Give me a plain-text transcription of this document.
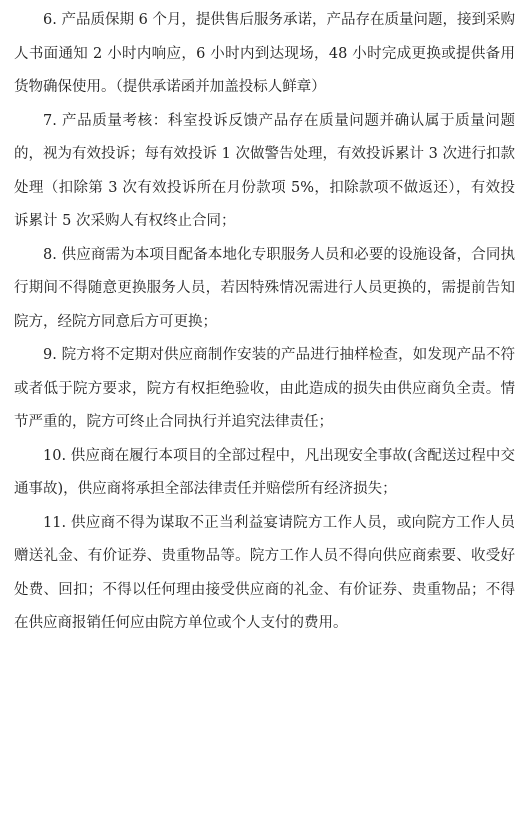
6. 产品质保期 6 个月，提供售后服务承诺，产品存在质量问题，接到采购人书面通知 2 小时内响应，6 小时内到达现场，48 小时完成更换或提供备用货物确保使用。（提供承诺函并加盖投标人鲜章）

7. 产品质量考核：科室投诉反馈产品存在质量问题并确认属于质量问题的，视为有效投诉；每有效投诉 1 次做警告处理，有效投诉累计 3 次进行扣款处理（扣除第 3 次有效投诉所在月份款项 5%，扣除款项不做返还），有效投诉累计 5 次采购人有权终止合同；

8. 供应商需为本项目配备本地化专职服务人员和必要的设施设备，合同执行期间不得随意更换服务人员，若因特殊情况需进行人员更换的，需提前告知院方，经院方同意后方可更换；

9. 院方将不定期对供应商制作安装的产品进行抽样检查，如发现产品不符或者低于院方要求，院方有权拒绝验收，由此造成的损失由供应商负全责。情节严重的，院方可终止合同执行并追究法律责任；

10. 供应商在履行本项目的全部过程中，凡出现安全事故(含配送过程中交通事故)，供应商将承担全部法律责任并赔偿所有经济损失；

11. 供应商不得为谋取不正当利益宴请院方工作人员，或向院方工作人员赠送礼金、有价证券、贵重物品等。院方工作人员不得向供应商索要、收受好处费、回扣；不得以任何理由接受供应商的礼金、有价证券、贵重物品；不得在供应商报销任何应由院方单位或个人支付的费用。
